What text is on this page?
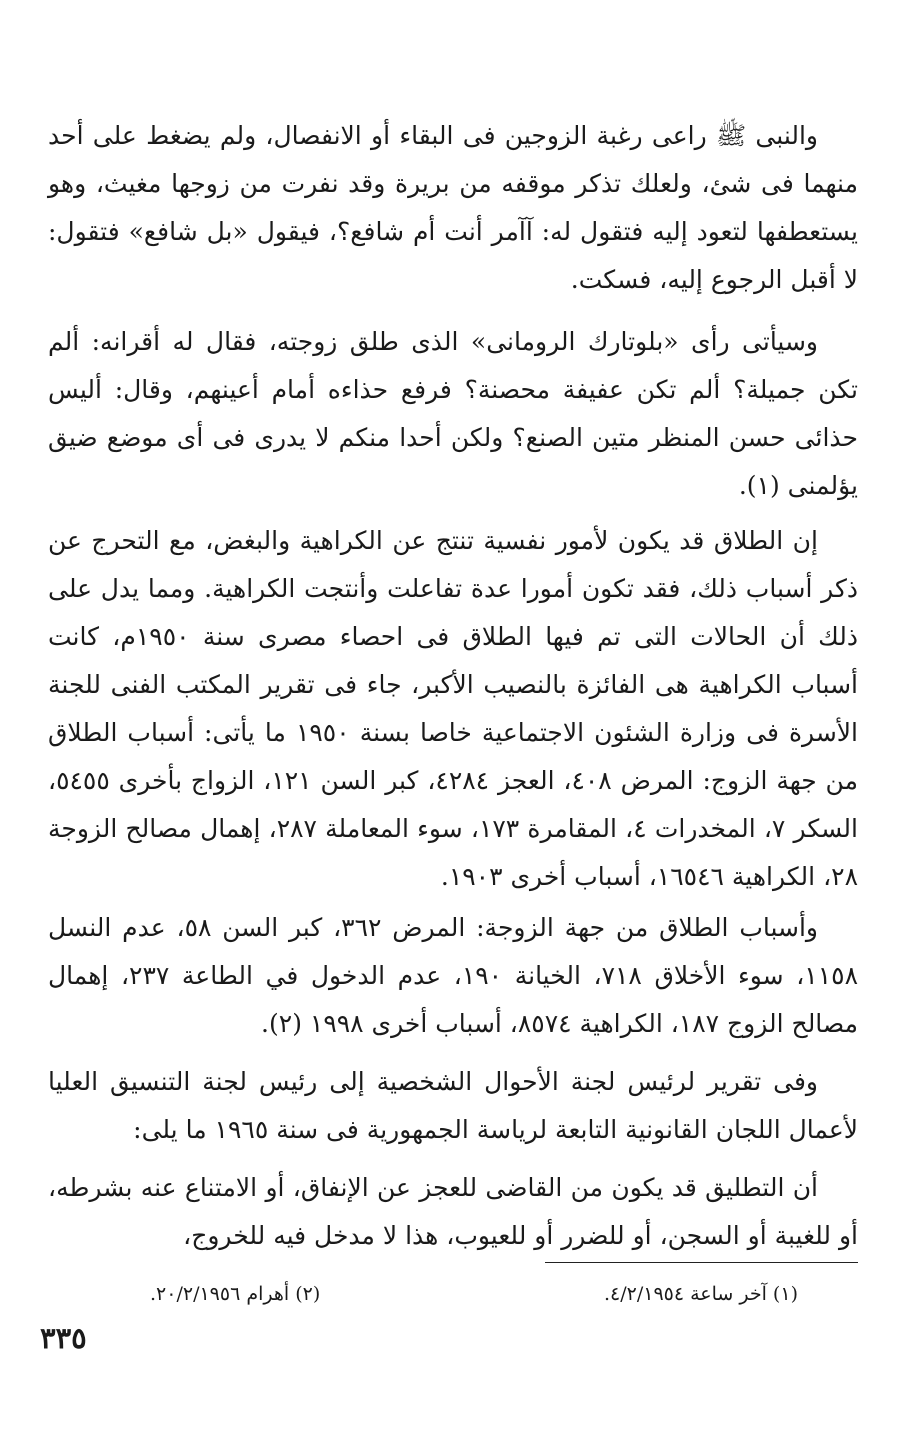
والنبى ﷺ راعى رغبة الزوجين فى البقاء أو الانفصال، ولم يضغط على أحد منهما فى شئ، ولعلك تذكر موقفه من بريرة وقد نفرت من زوجها مغيث، وهو يستعطفها لتعود إليه فتقول له: آآمر أنت أم شافع؟، فيقول «بل شافع» فتقول: لا أقبل الرجوع إليه، فسكت.

وسيأتى رأى «بلوتارك الرومانى» الذى طلق زوجته، فقال له أقرانه: ألم تكن جميلة؟ ألم تكن عفيفة محصنة؟ فرفع حذاءه أمام أعينهم، وقال: أليس حذائى حسن المنظر متين الصنع؟ ولكن أحدا منكم لا يدرى فى أى موضع ضيق يؤلمنى (١).

إن الطلاق قد يكون لأمور نفسية تنتج عن الكراهية والبغض، مع التحرج عن ذكر أسباب ذلك، فقد تكون أمورا عدة تفاعلت وأنتجت الكراهية. ومما يدل على ذلك أن الحالات التى تم فيها الطلاق فى احصاء مصرى سنة ١٩٥٠م، كانت أسباب الكراهية هى الفائزة بالنصيب الأكبر، جاء فى تقرير المكتب الفنى للجنة الأسرة فى وزارة الشئون الاجتماعية خاصا بسنة ١٩٥٠ ما يأتى: أسباب الطلاق من جهة الزوج: المرض ٤٠٨، العجز ٤٢٨٤، كبر السن ١٢١، الزواج بأخرى ٥٤٥٥، السكر ٧، المخدرات ٤، المقامرة ١٧٣، سوء المعاملة ٢٨٧، إهمال مصالح الزوجة ٢٨، الكراهية ١٦٥٤٦، أسباب أخرى ١٩٠٣.

وأسباب الطلاق من جهة الزوجة: المرض ٣٦٢، كبر السن ٥٨، عدم النسل ١١٥٨، سوء الأخلاق ٧١٨، الخيانة ١٩٠، عدم الدخول في الطاعة ٢٣٧، إهمال مصالح الزوج ١٨٧، الكراهية ٨٥٧٤، أسباب أخرى ١٩٩٨ (٢).

وفى تقرير لرئيس لجنة الأحوال الشخصية إلى رئيس لجنة التنسيق العليا لأعمال اللجان القانونية التابعة لرياسة الجمهورية فى سنة ١٩٦٥ ما يلى:

أن التطليق قد يكون من القاضى للعجز عن الإنفاق، أو الامتناع عنه بشرطه، أو للغيبة أو السجن، أو للضرر أو للعيوب، هذا لا مدخل فيه للخروج،

(١) آخر ساعة ٤/٢/١٩٥٤.
(٢) أهرام ٢٠/٢/١٩٥٦.
٣٣٥
